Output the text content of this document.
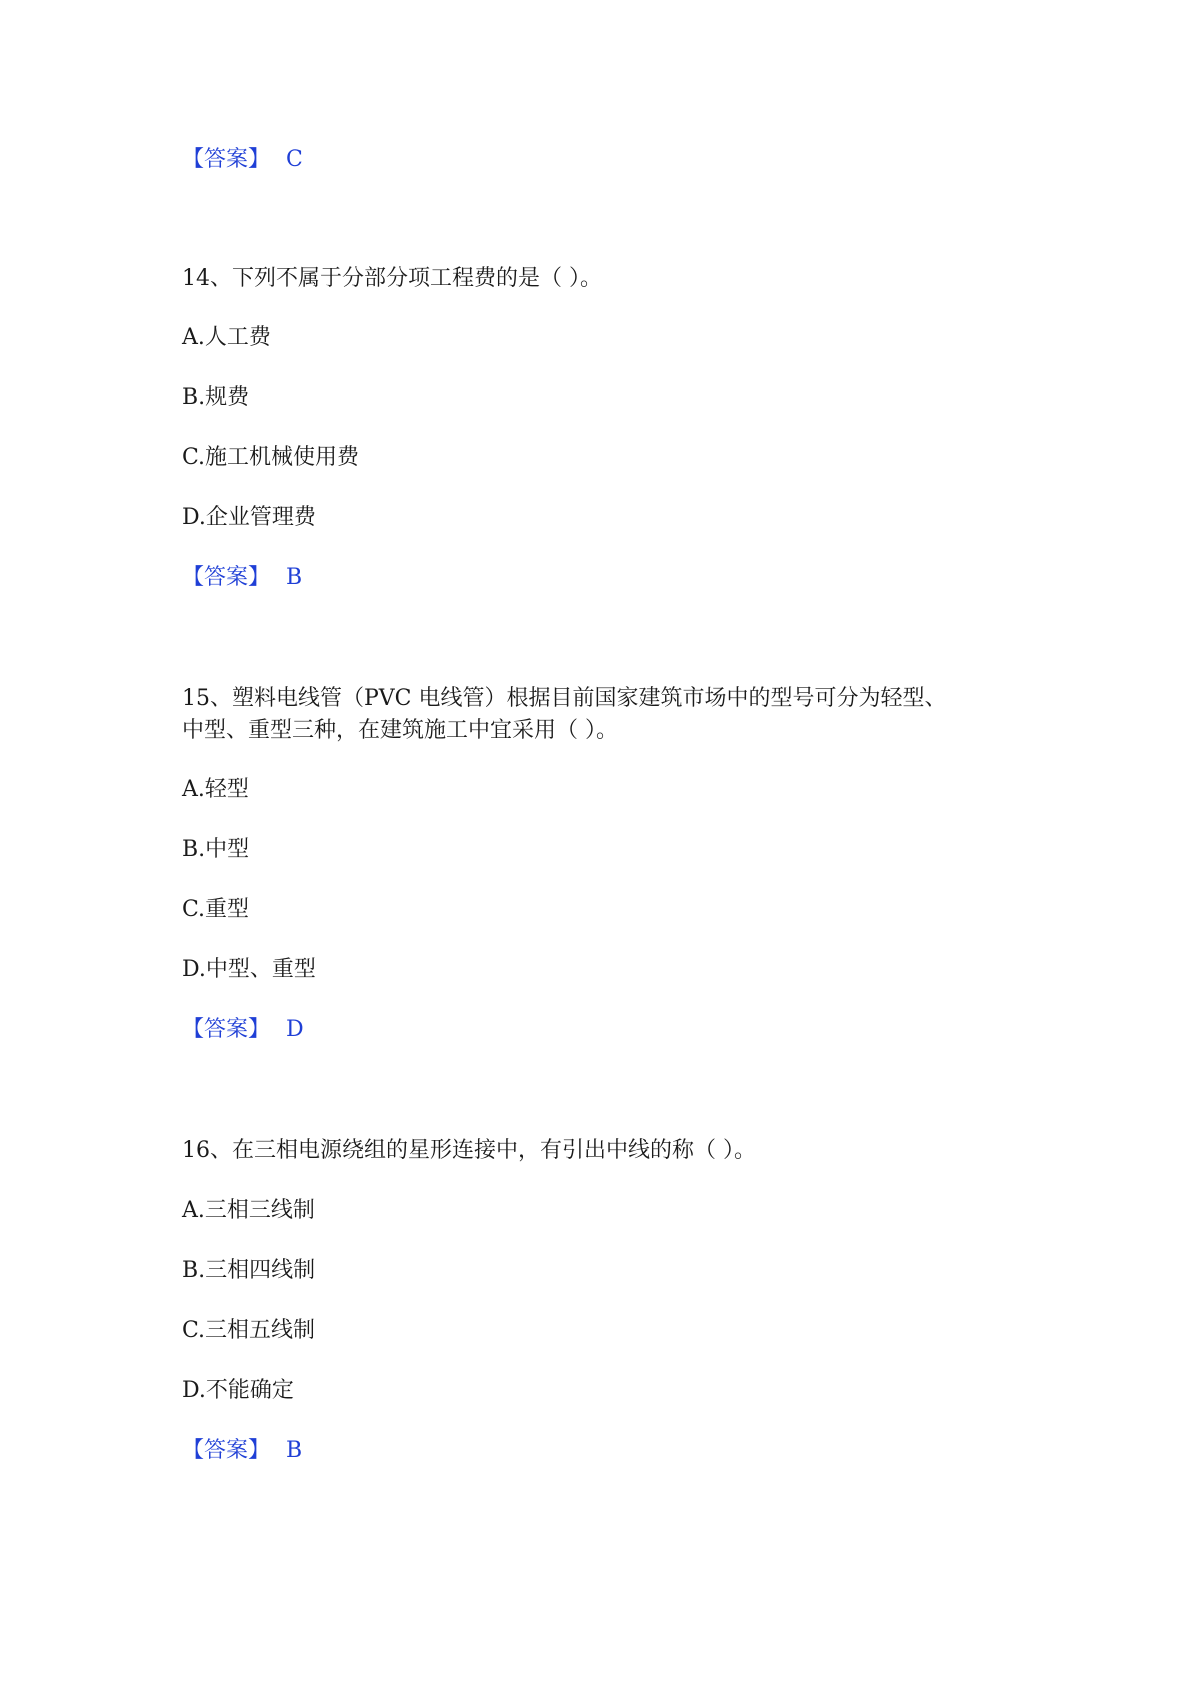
【答案】 C
14、下列不属于分部分项工程费的是（ ）。
A.人工费
B.规费
C.施工机械使用费
D.企业管理费
【答案】 B
15、塑料电线管（PVC 电线管）根据目前国家建筑市场中的型号可分为轻型、
中型、重型三种，在建筑施工中宜采用（ ）。
A.轻型
B.中型
C.重型
D.中型、重型
【答案】 D
16、在三相电源绕组的星形连接中，有引出中线的称（ ）。
A.三相三线制
B.三相四线制
C.三相五线制
D.不能确定
【答案】 B
